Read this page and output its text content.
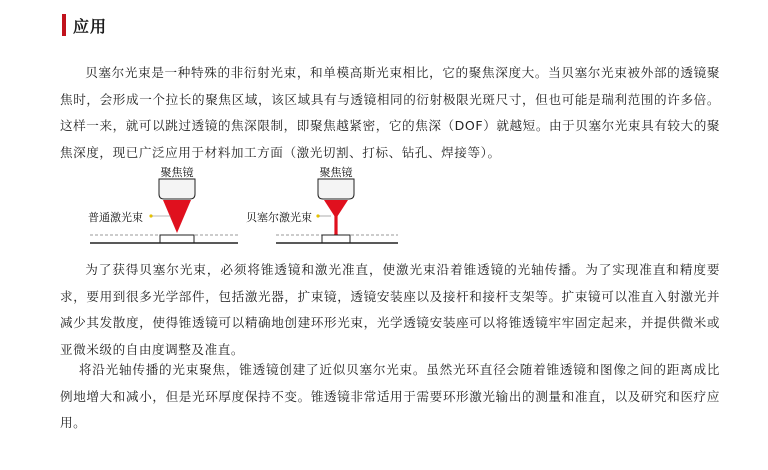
应用

贝塞尔光束是一种特殊的非衍射光束，和单模高斯光束相比，它的聚焦深度大。当贝塞尔光束被外部的透镜聚焦时，会形成一个拉长的聚焦区域，该区域具有与透镜相同的衍射极限光斑尺寸，但也可能是瑞利范围的许多倍。这样一来，就可以跳过透镜的焦深限制，即聚焦越紧密，它的焦深（DOF）就越短。由于贝塞尔光束具有较大的聚焦深度，现已广泛应用于材料加工方面（激光切割、打标、钻孔、焊接等）。

聚焦镜
普通激光束
聚焦镜
贝塞尔激光束

为了获得贝塞尔光束，必须将锥透镜和激光准直，使激光束沿着锥透镜的光轴传播。为了实现准直和精度要求，要用到很多光学部件，包括激光器，扩束镜，透镜安装座以及接杆和接杆支架等。扩束镜可以准直入射激光并减少其发散度，使得锥透镜可以精确地创建环形光束，光学透镜安装座可以将锥透镜牢牢固定起来，并提供微米或亚微米级的自由度调整及准直。

将沿光轴传播的光束聚焦，锥透镜创建了近似贝塞尔光束。虽然光环直径会随着锥透镜和图像之间的距离成比例地增大和减小，但是光环厚度保持不变。锥透镜非常适用于需要环形激光输出的测量和准直，以及研究和医疗应用。
